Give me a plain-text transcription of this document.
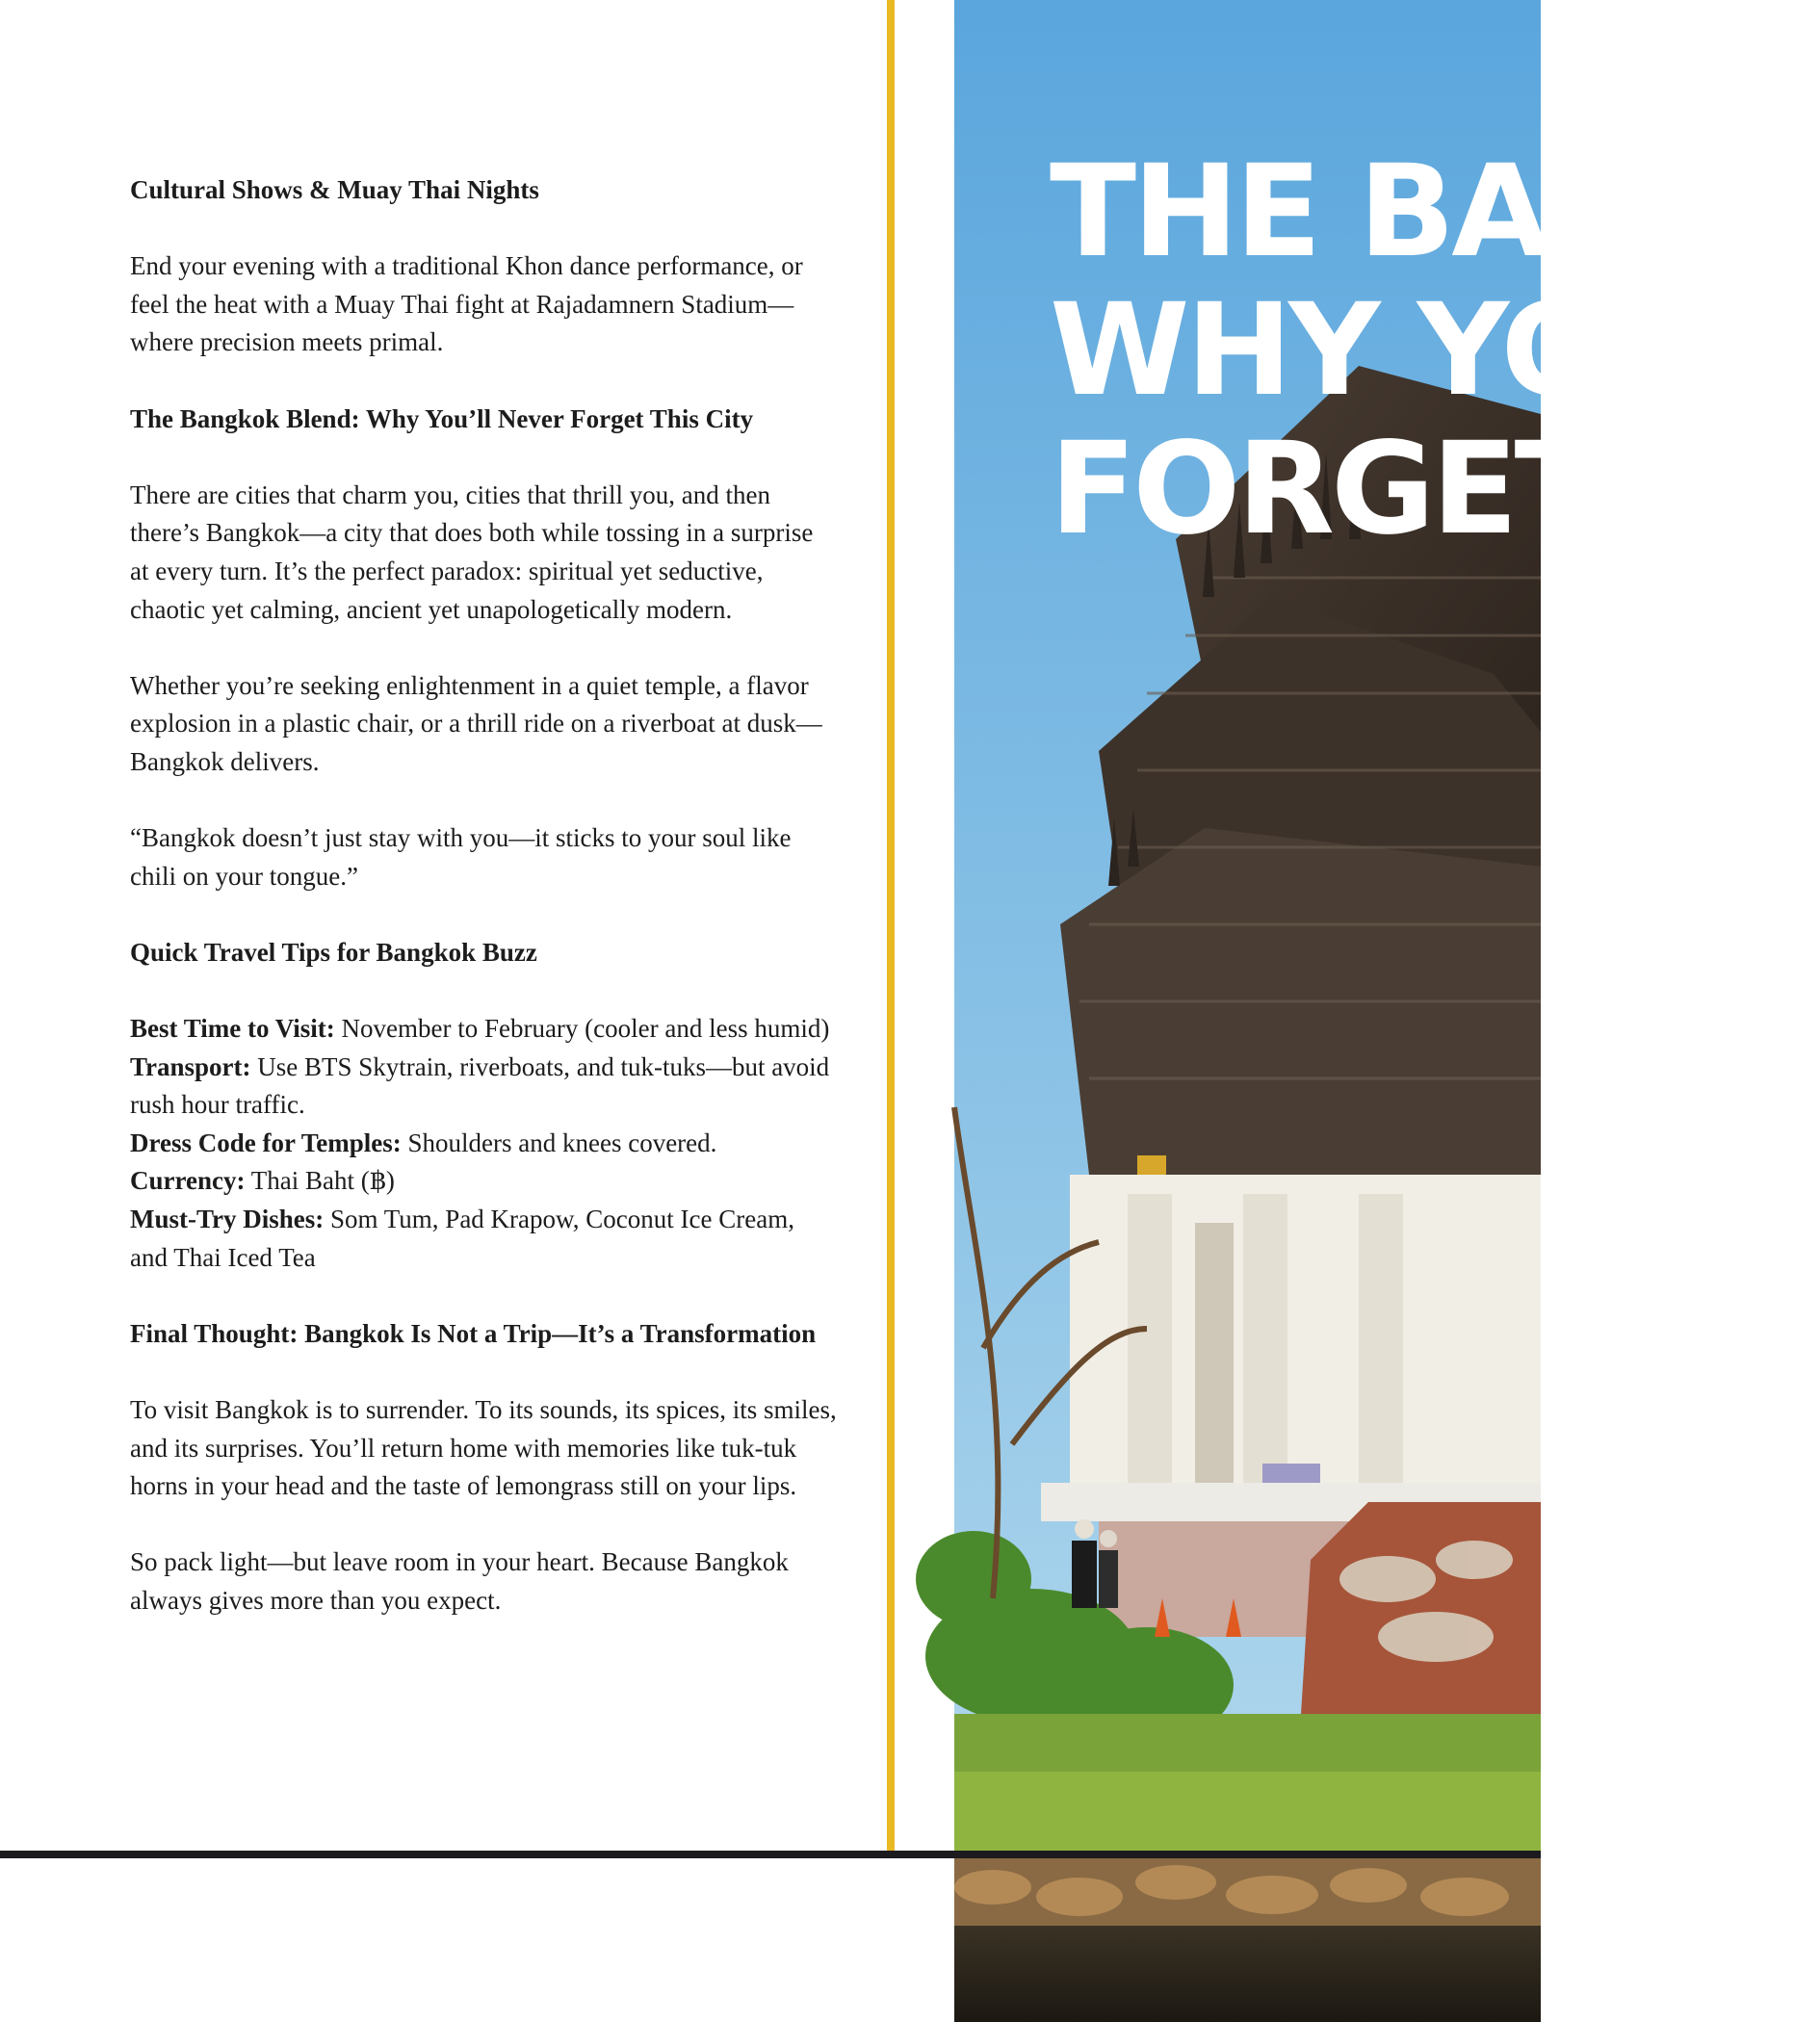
Cultural Shows & Muay Thai Nights

End your evening with a traditional Khon dance performance, or feel the heat with a Muay Thai fight at Rajadamnern Stadium—where precision meets primal.

The Bangkok Blend: Why You’ll Never Forget This City

There are cities that charm you, cities that thrill you, and then there’s Bangkok—a city that does both while tossing in a surprise at every turn. It’s the perfect paradox: spiritual yet seductive, chaotic yet calming, ancient yet unapologetically modern.

Whether you’re seeking enlightenment in a quiet temple, a flavor explosion in a plastic chair, or a thrill ride on a riverboat at dusk—Bangkok delivers.

“Bangkok doesn’t just stay with you—it sticks to your soul like chili on your tongue.”

Quick Travel Tips for Bangkok Buzz

Best Time to Visit: November to February (cooler and less humid)
Transport: Use BTS Skytrain, riverboats, and tuk-tuks—but avoid rush hour traffic.
Dress Code for Temples: Shoulders and knees covered.
Currency: Thai Baht (฿)
Must-Try Dishes: Som Tum, Pad Krapow, Coconut Ice Cream, and Thai Iced Tea

Final Thought: Bangkok Is Not a Trip—It’s a Transformation

To visit Bangkok is to surrender. To its sounds, its spices, its smiles, and its surprises. You’ll return home with memories like tuk-tuk horns in your head and the taste of lemongrass still on your lips.

So pack light—but leave room in your heart. Because Bangkok always gives more than you expect.

THE BAN
WHY YO
FORGET
